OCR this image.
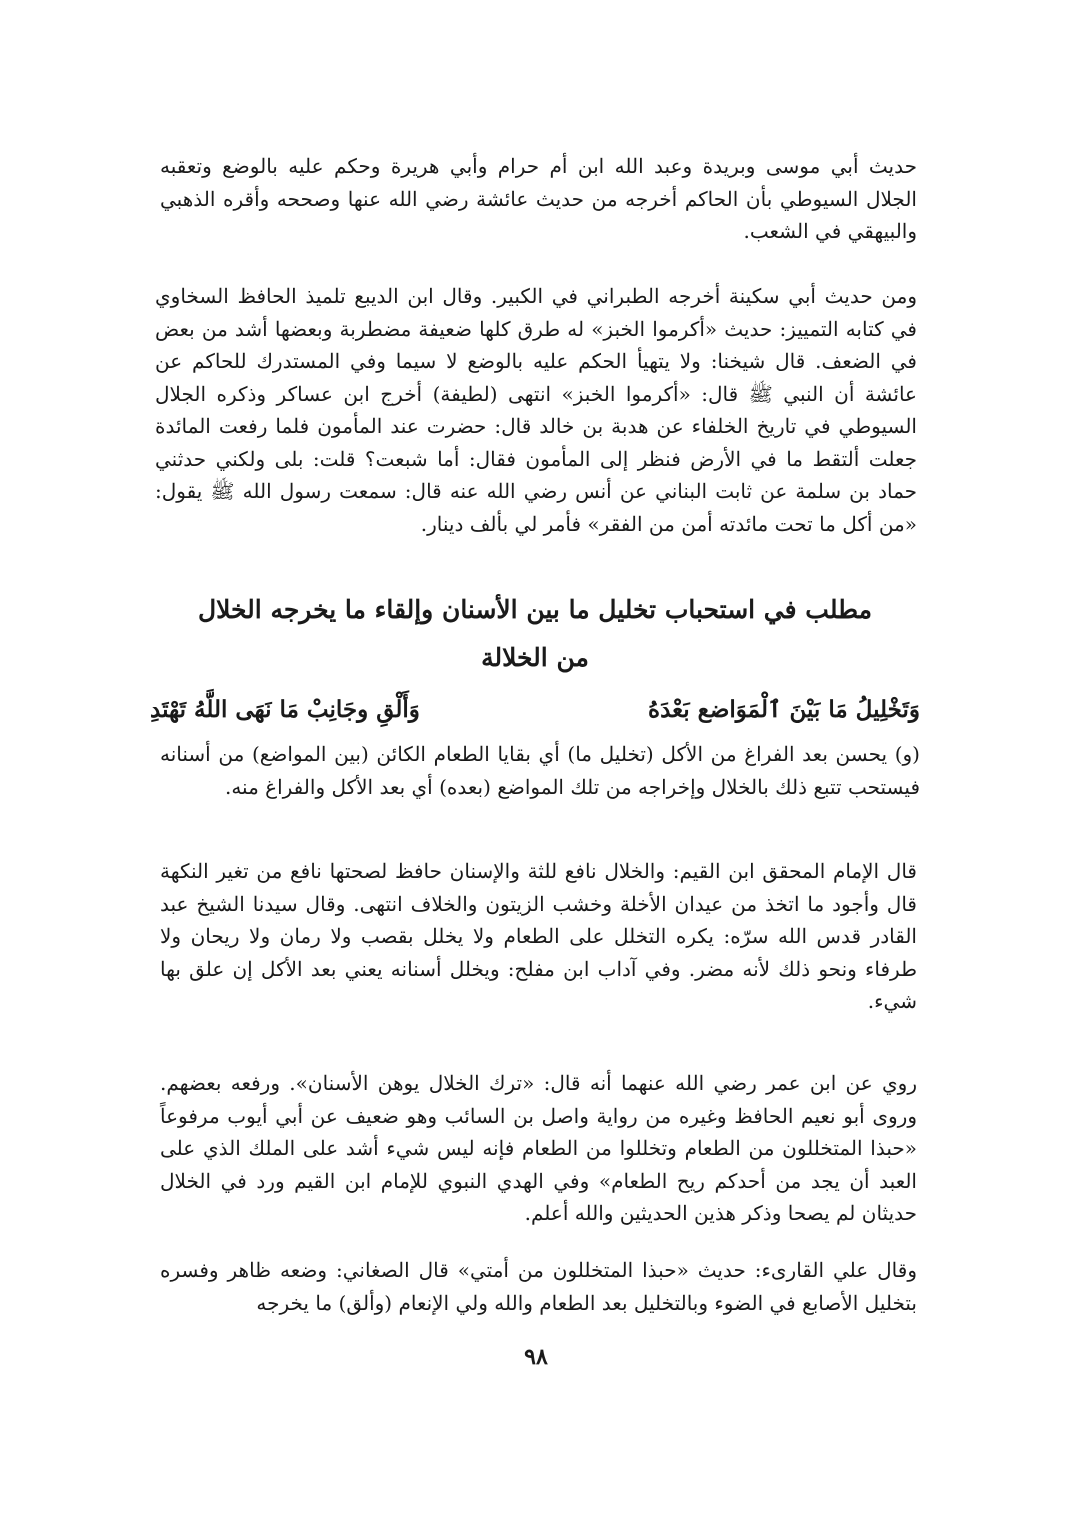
حديث أبي موسى وبريدة وعبد الله ابن أم حرام وأبي هريرة وحكم عليه بالوضع وتعقبه الجلال السيوطي بأن الحاكم أخرجه من حديث عائشة رضي الله عنها وصححه وأقره الذهبي والبيهقي في الشعب.
ومن حديث أبي سكينة أخرجه الطبراني في الكبير. وقال ابن الديبع تلميذ الحافظ السخاوي في كتابه التمييز: حديث «أكرموا الخبز» له طرق كلها ضعيفة مضطربة وبعضها أشد من بعض في الضعف. قال شيخنا: ولا يتهيأ الحكم عليه بالوضع لا سيما وفي المستدرك للحاكم عن عائشة أن النبي ﷺ قال: «أكرموا الخبز» انتهى (لطيفة) أخرج ابن عساكر وذكره الجلال السيوطي في تاريخ الخلفاء عن هدبة بن خالد قال: حضرت عند المأمون فلما رفعت المائدة جعلت ألتقط ما في الأرض فنظر إلى المأمون فقال: أما شبعت؟ قلت: بلى ولكني حدثني حماد بن سلمة عن ثابت البناني عن أنس رضي الله عنه قال: سمعت رسول الله ﷺ يقول: «من أكل ما تحت مائدته أمن من الفقر» فأمر لي بألف دينار.
مطلب في استحباب تخليل ما بين الأسنان وإلقاء ما يخرجه الخلال
من الخلالة
وَتَخْلِيلُ مَا بَيْنَ ٱلْمَوَاضع بَعْدَهُ
وَأَلْقِ وجَانِبْ مَا نَهَى اللَّهُ تَهْتَدِ
(و) يحسن بعد الفراغ من الأكل (تخليل ما) أي بقايا الطعام الكائن (بين المواضع) من أسنانه فيستحب تتبع ذلك بالخلال وإخراجه من تلك المواضع (بعده) أي بعد الأكل والفراغ منه.
قال الإمام المحقق ابن القيم: والخلال نافع للثة والإسنان حافظ لصحتها نافع من تغير النكهة قال وأجود ما اتخذ من عيدان الأخلة وخشب الزيتون والخلاف انتهى. وقال سيدنا الشيخ عبد القادر قدس الله سرّه: يكره التخلل على الطعام ولا يخلل بقصب ولا رمان ولا ريحان ولا طرفاء ونحو ذلك لأنه مضر. وفي آداب ابن مفلح: ويخلل أسنانه يعني بعد الأكل إن علق بها شيء.
روي عن ابن عمر رضي الله عنهما أنه قال: «ترك الخلال يوهن الأسنان». ورفعه بعضهم. وروى أبو نعيم الحافظ وغيره من رواية واصل بن السائب وهو ضعيف عن أبي أيوب مرفوعاً «حبذا المتخللون من الطعام وتخللوا من الطعام فإنه ليس شيء أشد على الملك الذي على العبد أن يجد من أحدكم ريح الطعام» وفي الهدي النبوي للإمام ابن القيم ورد في الخلال حديثان لم يصحا وذكر هذين الحديثين والله أعلم.
وقال علي القارىء: حديث «حبذا المتخللون من أمتي» قال الصغاني: وضعه ظاهر وفسره بتخليل الأصابع في الضوء وبالتخليل بعد الطعام والله ولي الإنعام (وألق) ما يخرجه
٩٨
